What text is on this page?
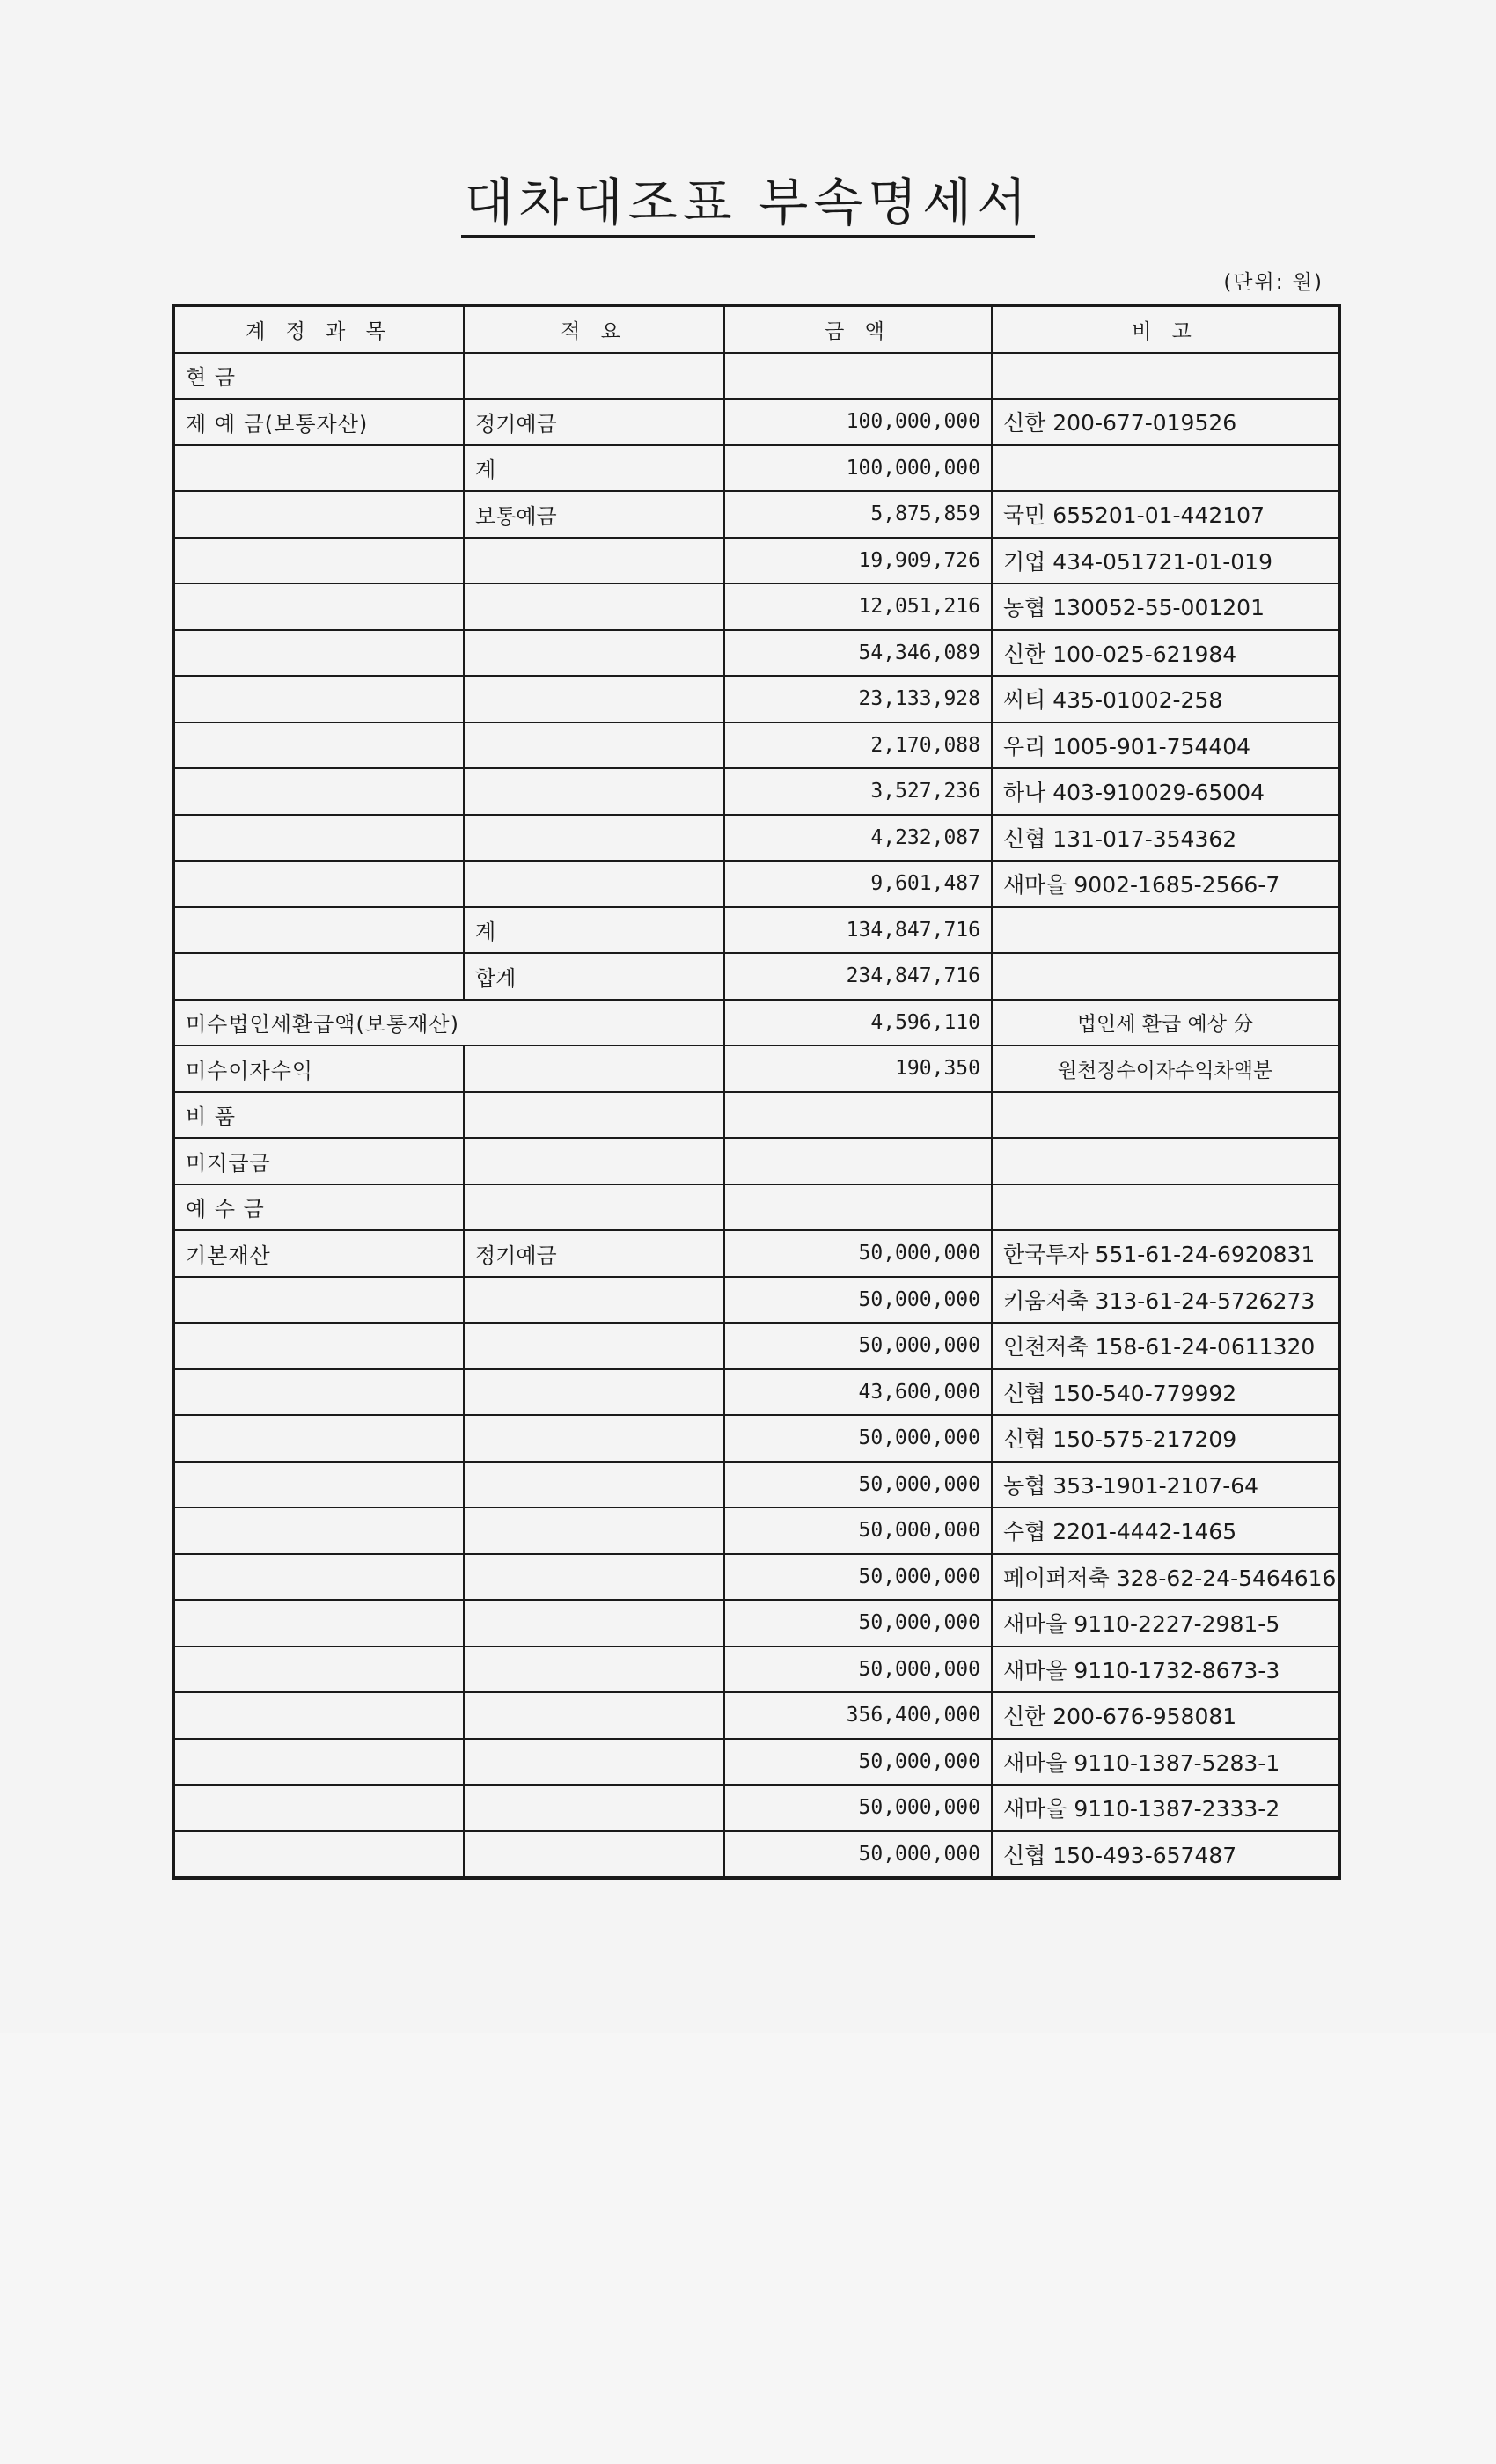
대차대조표 부속명세서
(단위: 원)
계 정 과 목	적 요	금 액	비 고
현 금			
제 예 금(보통자산)	정기예금	100,000,000	신한 200-677-019526
	계	100,000,000	
	보통예금	5,875,859	국민 655201-01-442107
		19,909,726	기업 434-051721-01-019
		12,051,216	농협 130052-55-001201
		54,346,089	신한 100-025-621984
		23,133,928	씨티 435-01002-258
		2,170,088	우리 1005-901-754404
		3,527,236	하나 403-910029-65004
		4,232,087	신협 131-017-354362
		9,601,487	새마을 9002-1685-2566-7
	계	134,847,716	
	합계	234,847,716	
미수법인세환급액(보통재산)		4,596,110	법인세 환급 예상 分
미수이자수익		190,350	원천징수이자수익차액분
비 품			
미지급금			
예 수 금			
기본재산	정기예금	50,000,000	한국투자 551-61-24-6920831
		50,000,000	키움저축 313-61-24-5726273
		50,000,000	인천저축 158-61-24-0611320
		43,600,000	신협 150-540-779992
		50,000,000	신협 150-575-217209
		50,000,000	농협 353-1901-2107-64
		50,000,000	수협 2201-4442-1465
		50,000,000	페이퍼저축 328-62-24-5464616
		50,000,000	새마을 9110-2227-2981-5
		50,000,000	새마을 9110-1732-8673-3
		356,400,000	신한 200-676-958081
		50,000,000	새마을 9110-1387-5283-1
		50,000,000	새마을 9110-1387-2333-2
		50,000,000	신협 150-493-657487
